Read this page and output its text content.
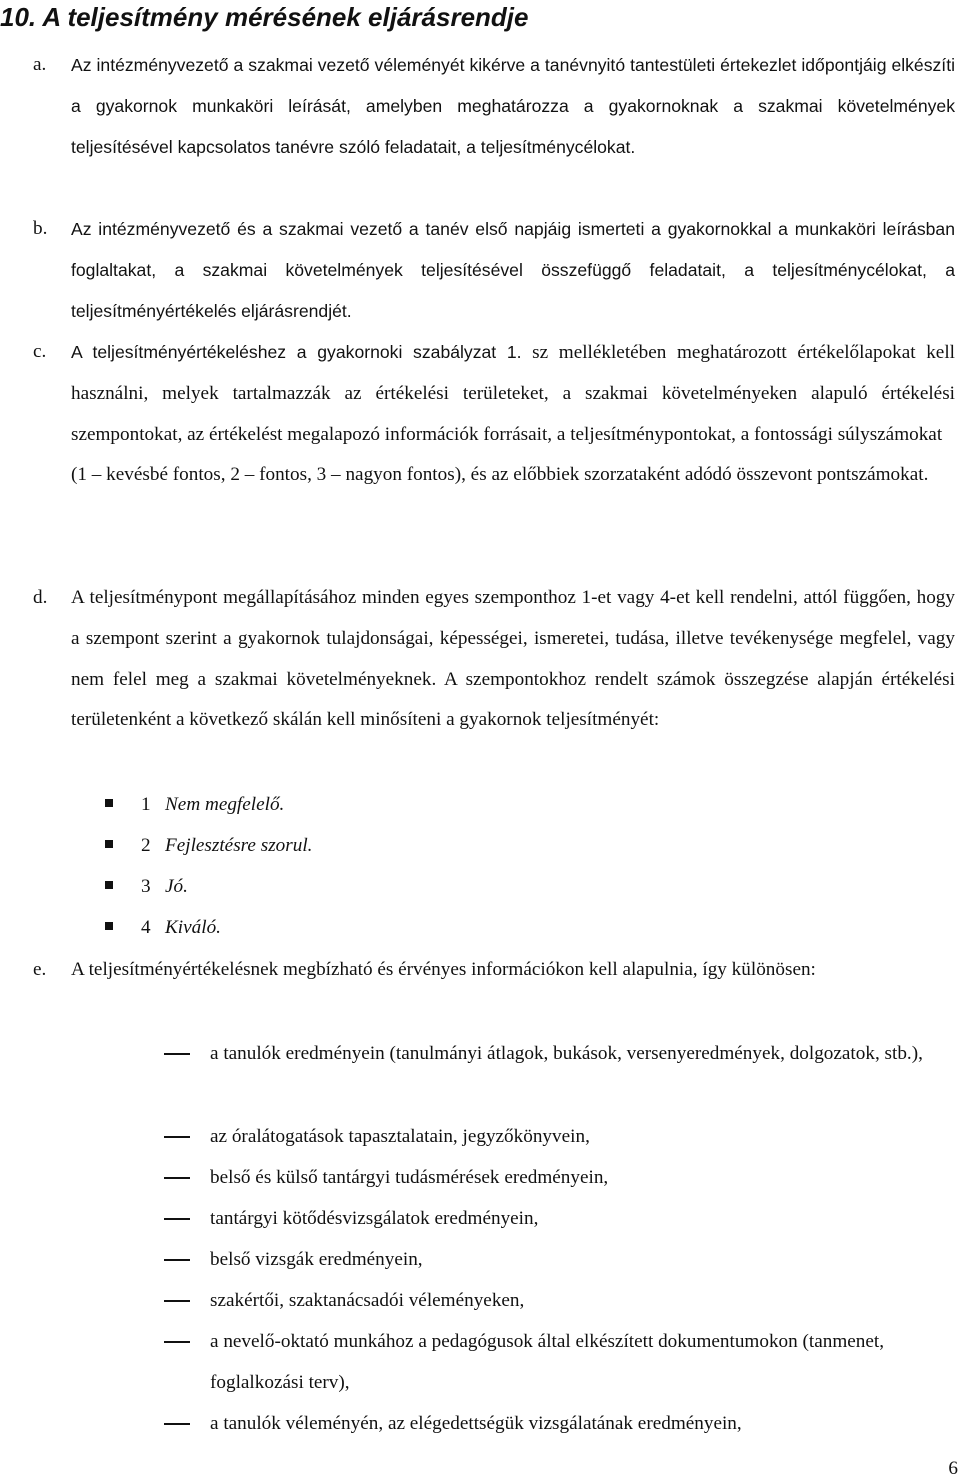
10. A teljesítmény mérésének eljárásrendje
a. Az intézményvezető a szakmai vezető véleményét kikérve a tanévnyitó tantestületi értekezlet időpontjáig elkészíti a gyakornok munkaköri leírását, amelyben meghatározza a gyakornoknak a szakmai követelmények teljesítésével kapcsolatos tanévre szóló feladatait, a teljesítménycélokat.
b. Az intézményvezető és a szakmai vezető a tanév első napjáig ismerteti a gyakornokkal a munkaköri leírásban foglaltakat, a szakmai követelmények teljesítésével összefüggő feladatait, a teljesítménycélokat, a teljesítményértékelés eljárásrendjét.
c. A teljesítményértékeléshez a gyakornoki szabályzat 1. sz mellékletében meghatározott értékelőlapokat kell használni, melyek tartalmazzák az értékelési területeket, a szakmai követelményeken alapuló értékelési szempontokat, az értékelést megalapozó információk forrásait, a teljesítménypontokat, a fontossági súlyszámokat
(1 – kevésbé fontos, 2 – fontos, 3 – nagyon fontos), és az előbbiek szorzataként adódó összevont pontszámokat.
d. A teljesítménypont megállapításához minden egyes szemponthoz 1-et vagy 4-et kell rendelni, attól függően, hogy a szempont szerint a gyakornok tulajdonságai, képességei, ismeretei, tudása, illetve tevékenysége megfelel, vagy nem felel meg a szakmai követelményeknek. A szempontokhoz rendelt számok összegzése alapján értékelési területenként a következő skálán kell minősíteni a gyakornok teljesítményét:
1 Nem megfelelő.
2 Fejlesztésre szorul.
3 Jó.
4 Kiváló.
e. A teljesítményértékelésnek megbízható és érvényes információkon kell alapulnia, így különösen:
a tanulók eredményein (tanulmányi átlagok, bukások, versenyeredmények, dolgozatok, stb.),
az óralátogatások tapasztalatain, jegyzőkönyvein,
belső és külső tantárgyi tudásmérések eredményein,
tantárgyi kötődésvizsgálatok eredményein,
belső vizsgák eredményein,
szakértői, szaktanácsadói véleményeken,
a nevelő-oktató munkához a pedagógusok által elkészített dokumentumokon (tanmenet, foglalkozási terv),
a tanulók véleményén, az elégedettségük vizsgálatának eredményein,
6
